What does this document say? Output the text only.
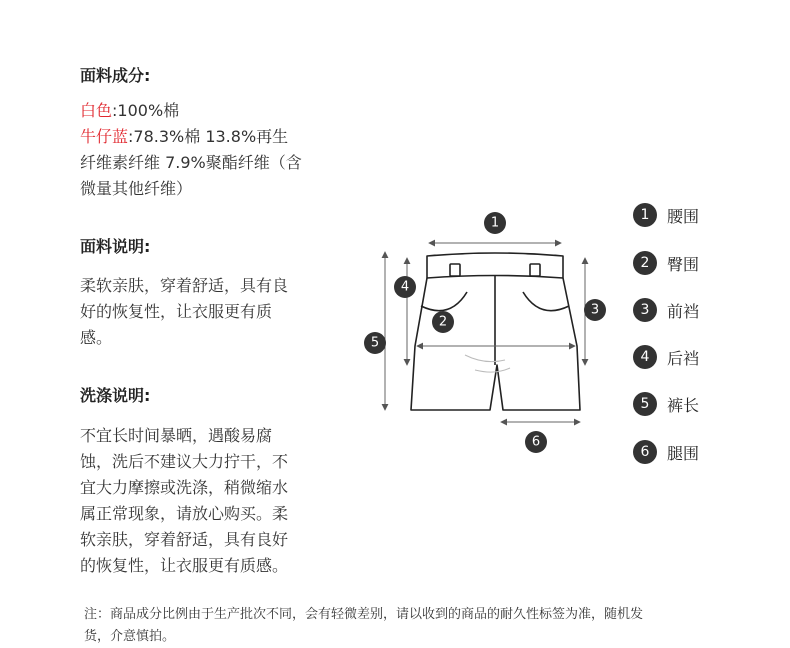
面料成分:

白色:100%棉
牛仔蓝:78.3%棉 13.8%再生
纤维素纤维 7.9%聚酯纤维（含
微量其他纤维）

面料说明:

柔软亲肤，穿着舒适，具有良
好的恢复性，让衣服更有质
感。

洗涤说明:

不宜长时间暴晒，遇酸易腐
蚀，洗后不建议大力拧干，不
宜大力摩擦或洗涤，稍微缩水
属正常现象，请放心购买。柔
软亲肤，穿着舒适，具有良好
的恢复性，让衣服更有质感。
1
2
3
4
5
6
1	腰围
2	臀围
3	前裆
4	后裆
5	裤长
6	腿围
注：商品成分比例由于生产批次不同，会有轻微差别，请以收到的商品的耐久性标签为准，随机发
货，介意慎拍。
